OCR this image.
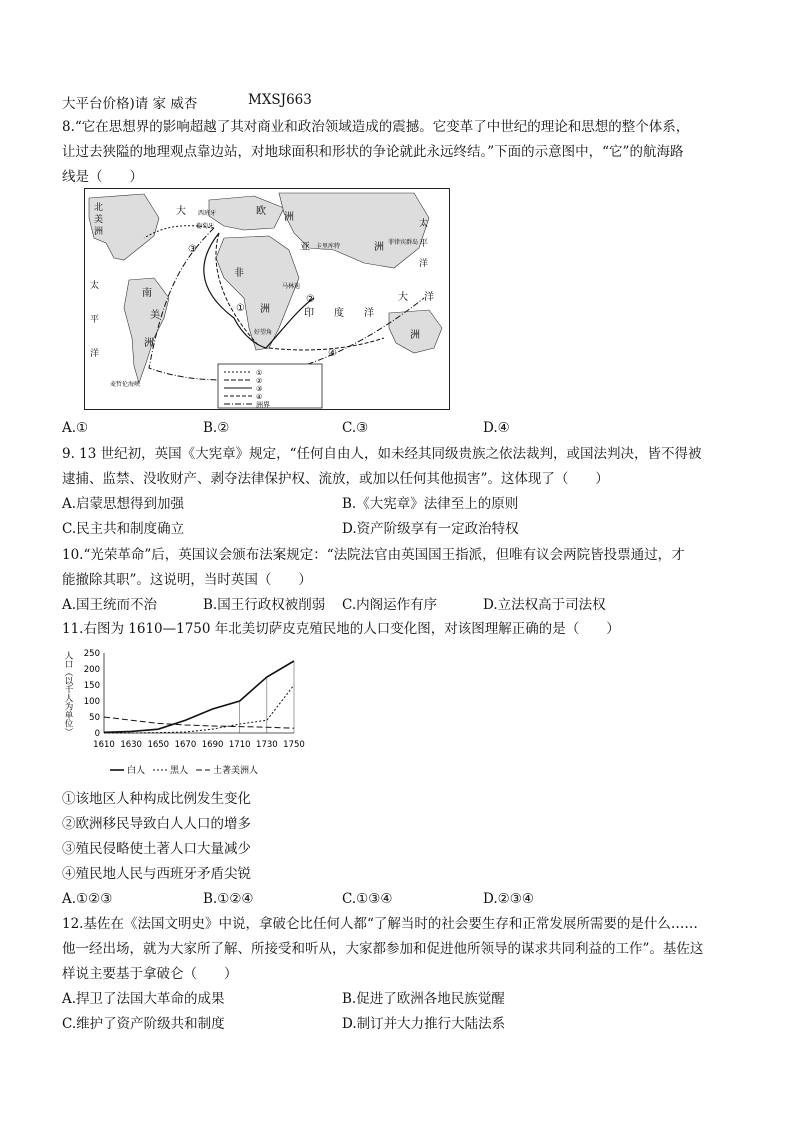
大平台价格)请 家 威杏	MXSJ663
8.“它在思想界的影响超越了其对商业和政治领域造成的震撼。它变革了中世纪的理论和思想的整个体系，
让过去狭隘的地理观点靠边站，对地球面积和形状的争论就此永远终结。”下面的示意图中，“它”的航海路
线是（　　）
北
美
洲
大	欧
洲
亚	洲
太
平
洋
非
洲
南
美
洲
太
平
洋
印 度 洋
大 洋
洲
西班牙
葡萄牙
马林迪
卡里库特
好望角
麦哲伦海峡
菲律宾群岛
①
②
③
④
①
②
③
④
洲界
A.①	B.②	C.③	D.④
9. 13 世纪初，英国《大宪章》规定，“任何自由人，如未经其同级贵族之依法裁判，或国法判决，皆不得被
逮捕、监禁、没收财产、剥夺法律保护权、流放，或加以任何其他损害”。这体现了（　　）
A.启蒙思想得到加强	B.《大宪章》法律至上的原则
C.民主共和制度确立	D.资产阶级享有一定政治特权
10.“光荣革命”后，英国议会颁布法案规定：“法院法官由英国国王指派，但唯有议会两院皆投票通过，才
能撤除其职”。这说明，当时英国（　　）
A.国王统而不治	B.国王行政权被削弱 C.内阁运作有序	D.立法权高于司法权
11.右图为 1610—1750 年北美切萨皮克殖民地的人口变化图，对该图理解正确的是（　　）
0
50
100
150
200
250
1610 1630 1650 1670 1690 1710 1730 1750
人口（以千人为单位）
白人	黑人	土著美洲人
①该地区人种构成比例发生变化
②欧洲移民导致白人人口的增多
③殖民侵略使土著人口大量减少
④殖民地人民与西班牙矛盾尖锐
A.①②③	B.①②④	C.①③④	D.②③④
12.基佐在《法国文明史》中说，拿破仑比任何人都“了解当时的社会要生存和正常发展所需要的是什么……
他一经出场，就为大家所了解、所接受和听从，大家都参加和促进他所领导的谋求共同利益的工作”。基佐这
样说主要基于拿破仑（　　）
A.捍卫了法国大革命的成果	B.促进了欧洲各地民族觉醒
C.维护了资产阶级共和制度	D.制订并大力推行大陆法系
